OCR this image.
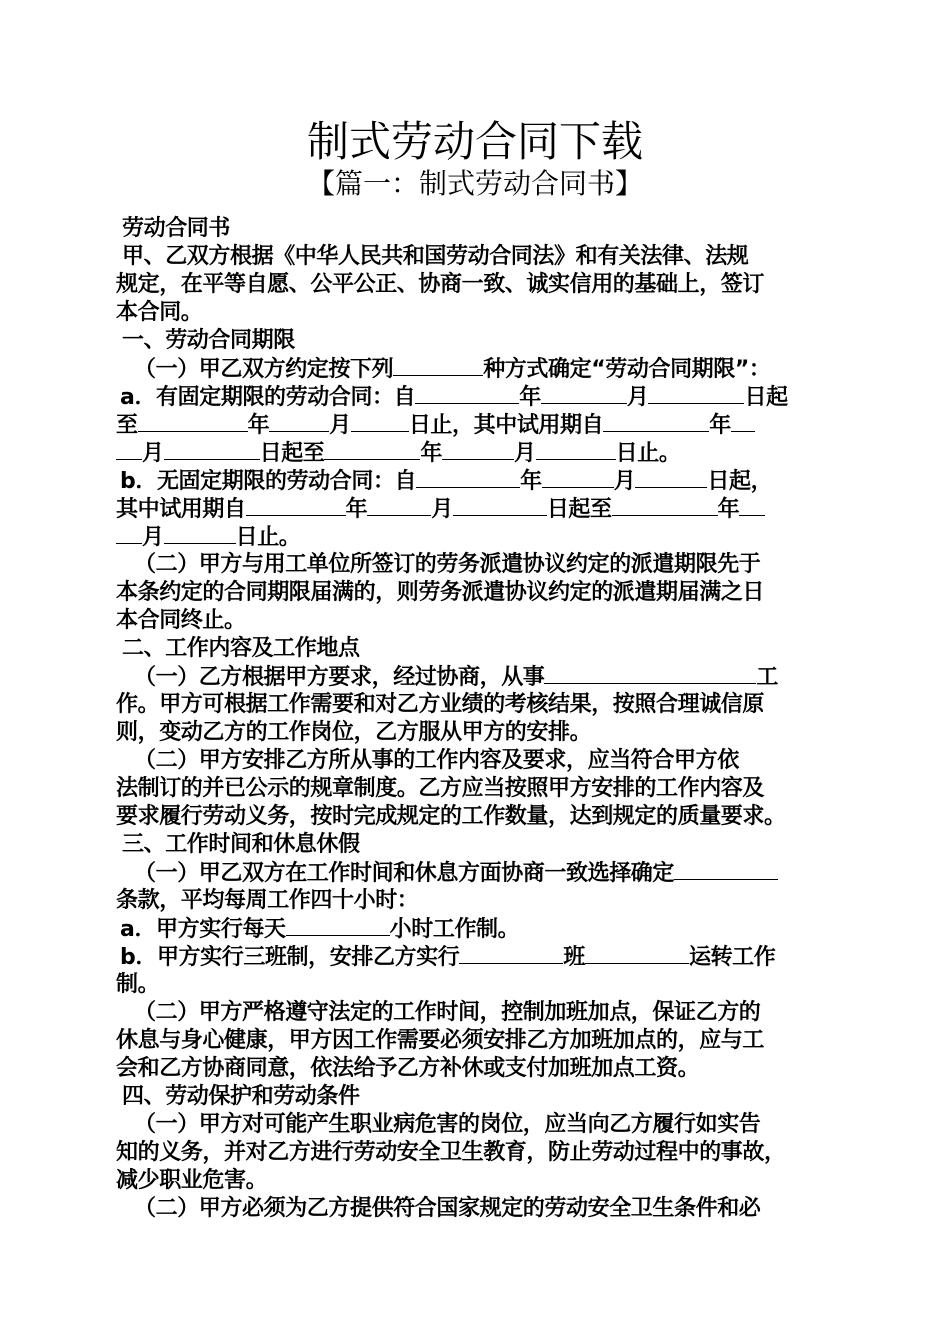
制式劳动合同下载
【篇一：制式劳动合同书】
劳动合同书
甲、乙双方根据《中华人民共和国劳动合同法》和有关法律、法规
规定，在平等自愿、公平公正、协商一致、诚实信用的基础上，签订
本合同。
一、劳动合同期限
（一）甲乙双方约定按下列	种方式确定“劳动合同期限”：
a．有固定期限的劳动合同：自	年	月	日起
至	年	月	日止，其中试用期自	年
月	日起至	年	月	日止。
b．无固定期限的劳动合同：自	年	月	日起，
其中试用期自	年	月	日起至	年
月	日止。
（二）甲方与用工单位所签订的劳务派遣协议约定的派遣期限先于
本条约定的合同期限届满的，则劳务派遣协议约定的派遣期届满之日
本合同终止。
二、工作内容及工作地点
（一）乙方根据甲方要求，经过协商，从事	工
作。甲方可根据工作需要和对乙方业绩的考核结果，按照合理诚信原
则，变动乙方的工作岗位，乙方服从甲方的安排。
（二）甲方安排乙方所从事的工作内容及要求，应当符合甲方依
法制订的并已公示的规章制度。乙方应当按照甲方安排的工作内容及
要求履行劳动义务，按时完成规定的工作数量，达到规定的质量要求。
三、工作时间和休息休假
（一）甲乙双方在工作时间和休息方面协商一致选择确定
条款，平均每周工作四十小时：
a．甲方实行每天	小时工作制。
b．甲方实行三班制，安排乙方实行	班	运转工作
制。
（二）甲方严格遵守法定的工作时间，控制加班加点，保证乙方的
休息与身心健康，甲方因工作需要必须安排乙方加班加点的，应与工
会和乙方协商同意，依法给予乙方补休或支付加班加点工资。
四、劳动保护和劳动条件
（一）甲方对可能产生职业病危害的岗位，应当向乙方履行如实告
知的义务，并对乙方进行劳动安全卫生教育，防止劳动过程中的事故，
减少职业危害。
（二）甲方必须为乙方提供符合国家规定的劳动安全卫生条件和必
